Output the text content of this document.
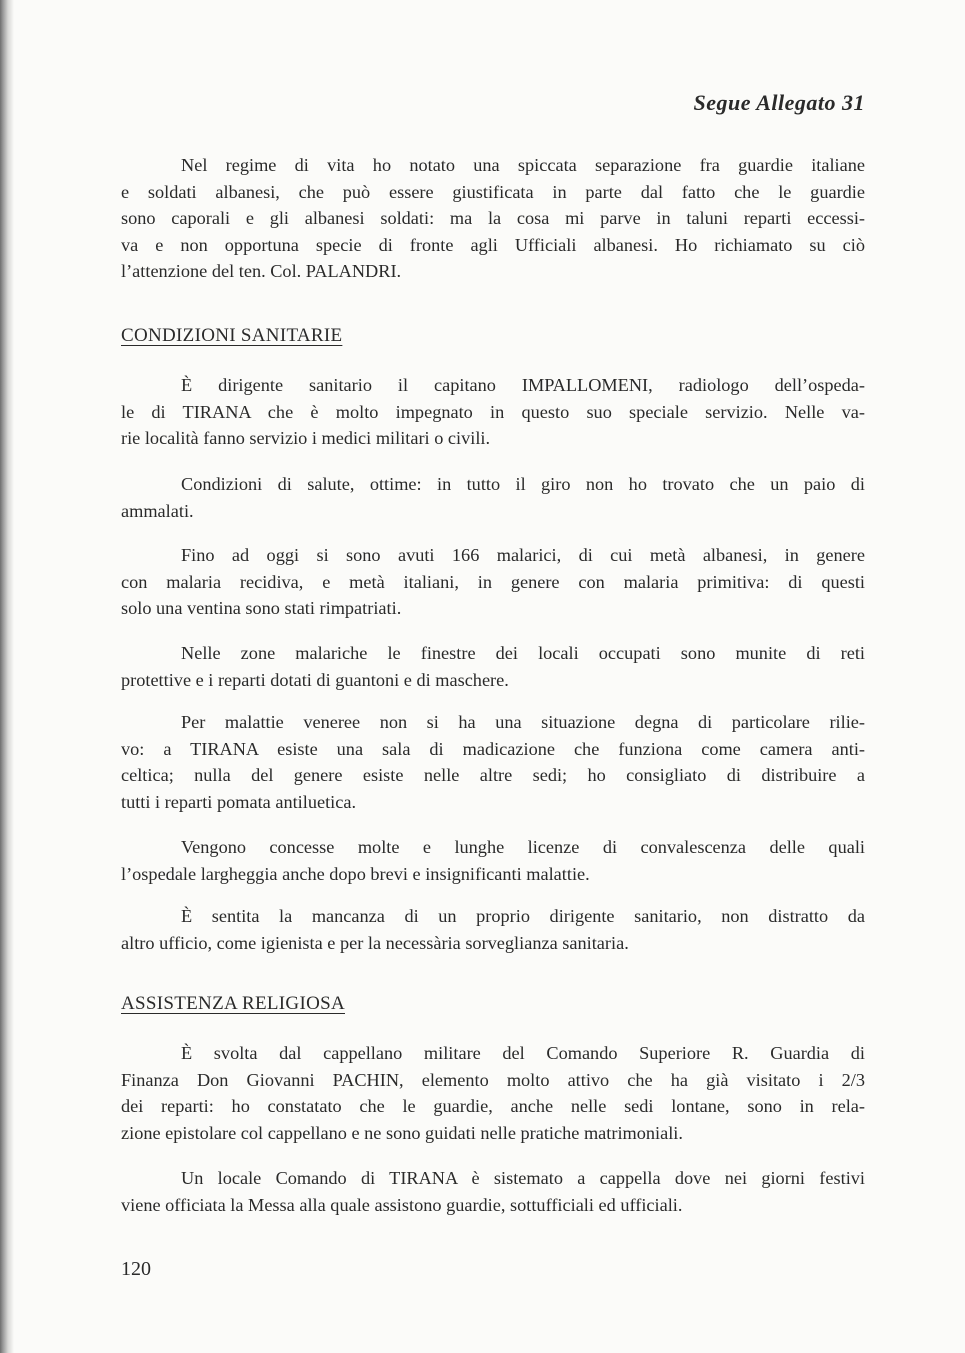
Segue Allegato 31
Nel regime di vita ho notato una spiccata separazione fra guardie italiane
e soldati albanesi, che può essere giustificata in parte dal fatto che le guardie
sono caporali e gli albanesi soldati: ma la cosa mi parve in taluni reparti eccessi-
va e non opportuna specie di fronte agli Ufficiali albanesi. Ho richiamato su ciò
l’attenzione del ten. Col. PALANDRI.
CONDIZIONI SANITARIE
È dirigente sanitario il capitano IMPALLOMENI, radiologo dell’ospeda-
le di TIRANA che è molto impegnato in questo suo speciale servizio. Nelle va-
rie località fanno servizio i medici militari o civili.
Condizioni di salute, ottime: in tutto il giro non ho trovato che un paio di
ammalati.
Fino ad oggi si sono avuti 166 malarici, di cui metà albanesi, in genere
con malaria recidiva, e metà italiani, in genere con malaria primitiva: di questi
solo una ventina sono stati rimpatriati.
Nelle zone malariche le finestre dei locali occupati sono munite di reti
protettive e i reparti dotati di guantoni e di maschere.
Per malattie veneree non si ha una situazione degna di particolare rilie-
vo: a TIRANA esiste una sala di madicazione che funziona come camera anti-
celtica; nulla del genere esiste nelle altre sedi; ho consigliato di distribuire a
tutti i reparti pomata antiluetica.
Vengono concesse molte e lunghe licenze di convalescenza delle quali
l’ospedale largheggia anche dopo brevi e insignificanti malattie.
È sentita la mancanza di un proprio dirigente sanitario, non distratto da
altro ufficio, come igienista e per la necessària sorveglianza sanitaria.
ASSISTENZA RELIGIOSA
È svolta dal cappellano militare del Comando Superiore R. Guardia di
Finanza Don Giovanni PACHIN, elemento molto attivo che ha già visitato i 2/3
dei reparti: ho constatato che le guardie, anche nelle sedi lontane, sono in rela-
zione epistolare col cappellano e ne sono guidati nelle pratiche matrimoniali.
Un locale Comando di TIRANA è sistemato a cappella dove nei giorni festivi
viene officiata la Messa alla quale assistono guardie, sottufficiali ed ufficiali.
120
